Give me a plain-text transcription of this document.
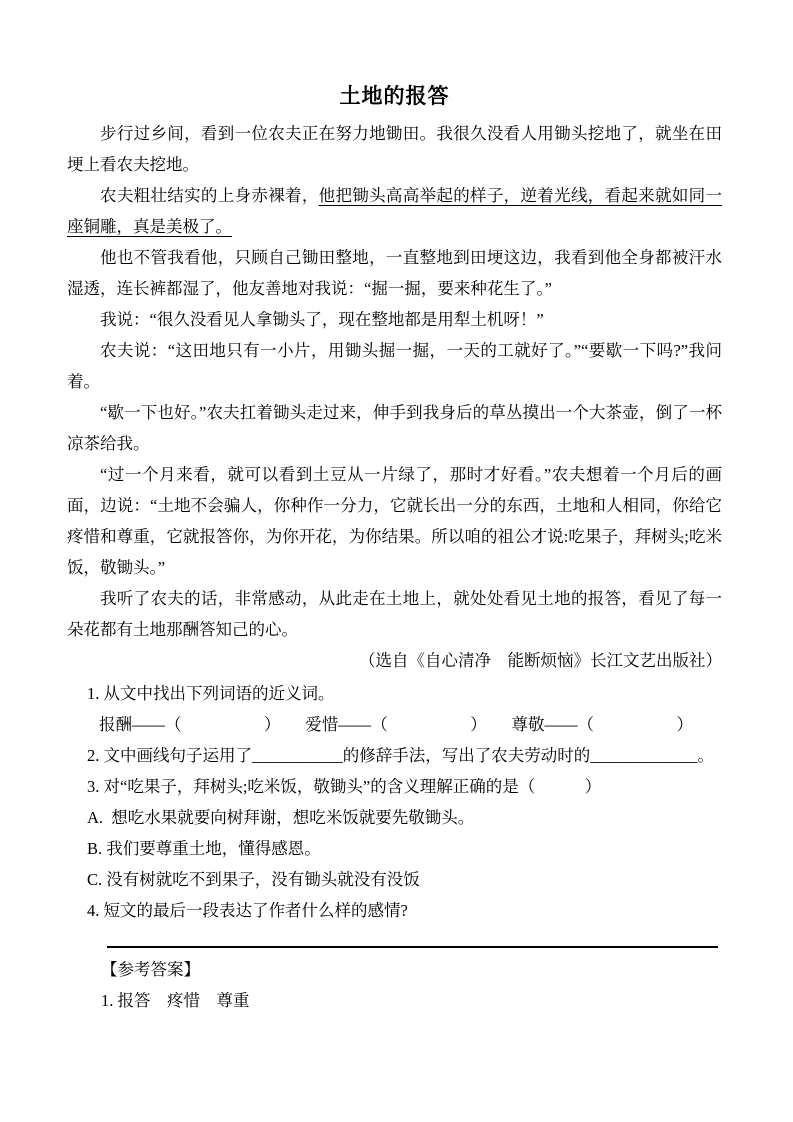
土地的报答

步行过乡间，看到一位农夫正在努力地锄田。我很久没看人用锄头挖地了，就坐在田埂上看农夫挖地。

农夫粗壮结实的上身赤裸着，他把锄头高高举起的样子，逆着光线，看起来就如同一座铜雕，真是美极了。

他也不管我看他，只顾自己锄田整地，一直整地到田埂这边，我看到他全身都被汗水湿透，连长裤都湿了，他友善地对我说：“掘一掘，要来种花生了。”

我说：“很久没看见人拿锄头了，现在整地都是用犁土机呀！”

农夫说：“这田地只有一小片，用锄头掘一掘，一天的工就好了。”“要歇一下吗?”我问着。

“歇一下也好。”农夫扛着锄头走过来，伸手到我身后的草丛摸出一个大茶壶，倒了一杯凉茶给我。

“过一个月来看，就可以看到土豆从一片绿了，那时才好看。”农夫想着一个月后的画面，边说：“土地不会骗人，你种作一分力，它就长出一分的东西，土地和人相同，你给它疼惜和尊重，它就报答你，为你开花，为你结果。所以咱的祖公才说:吃果子，拜树头;吃米饭，敬锄头。”

我听了农夫的话，非常感动，从此走在土地上，就处处看见土地的报答，看见了每一朵花都有土地那酬答知己的心。

（选自《自心清净　能断烦恼》长江文艺出版社）

1. 从文中找出下列词语的近义词。

报酬——（　　　　　）　　爱惜——（　　　　　）　　尊敬——（　　　　　）

2. 文中画线句子运用了___________的修辞手法，写出了农夫劳动时的_____________。

3. 对“吃果子，拜树头;吃米饭，敬锄头”的含义理解正确的是（　　　）

A.  想吃水果就要向树拜谢，想吃米饭就要先敬锄头。

B. 我们要尊重土地，懂得感恩。

C. 没有树就吃不到果子，没有锄头就没有没饭

4. 短文的最后一段表达了作者什么样的感情?

【参考答案】

1. 报答　疼惜　尊重
